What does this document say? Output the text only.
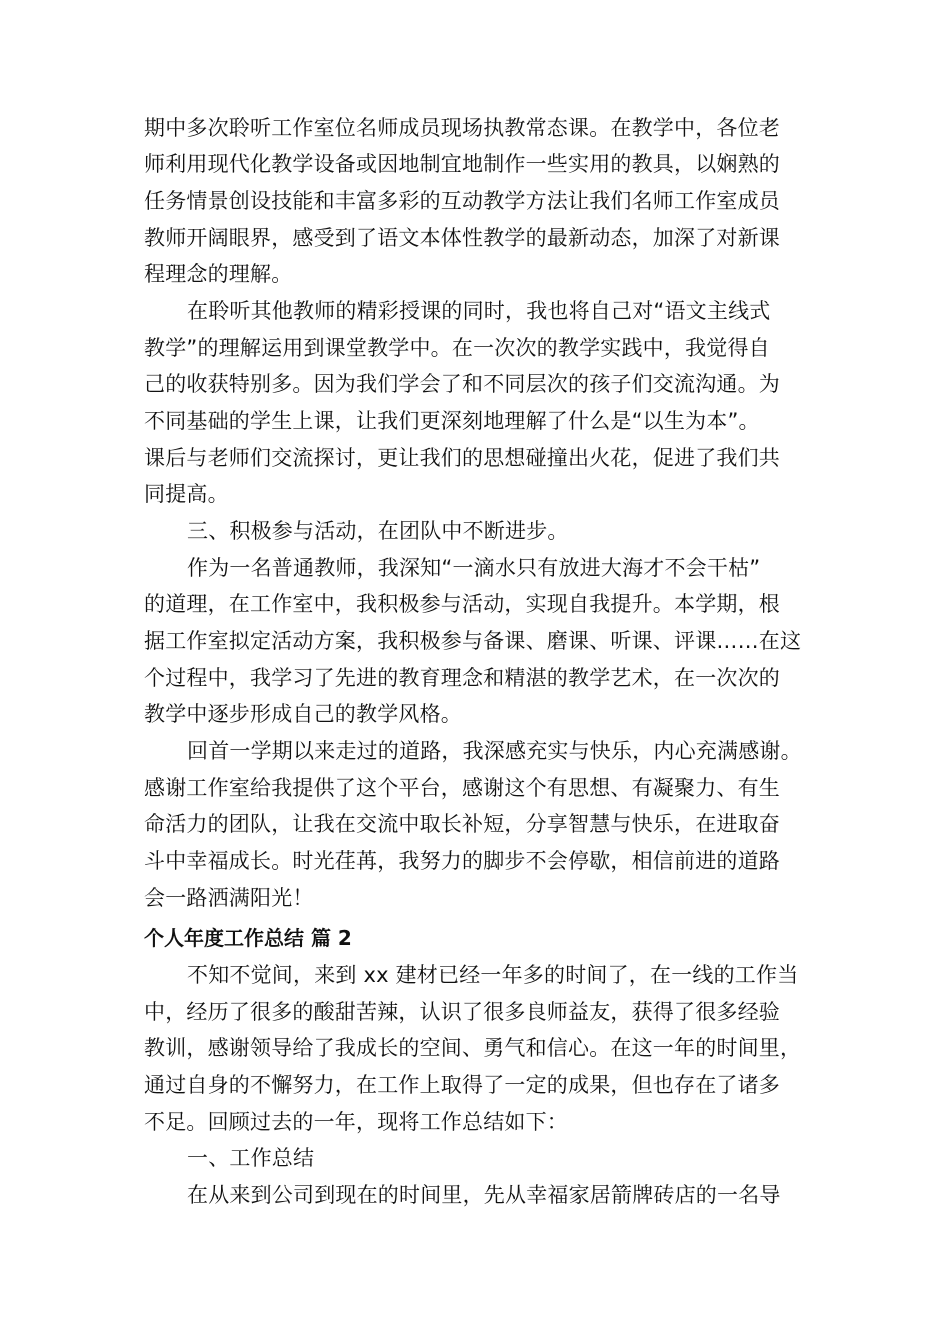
期中多次聆听工作室位名师成员现场执教常态课。在教学中，各位老
师利用现代化教学设备或因地制宜地制作一些实用的教具，以娴熟的
任务情景创设技能和丰富多彩的互动教学方法让我们名师工作室成员
教师开阔眼界，感受到了语文本体性教学的最新动态，加深了对新课
程理念的理解。
在聆听其他教师的精彩授课的同时，我也将自己对“语文主线式
教学”的理解运用到课堂教学中。在一次次的教学实践中，我觉得自
己的收获特别多。因为我们学会了和不同层次的孩子们交流沟通。为
不同基础的学生上课，让我们更深刻地理解了什么是“以生为本”。
课后与老师们交流探讨，更让我们的思想碰撞出火花，促进了我们共
同提高。
三、积极参与活动，在团队中不断进步。
作为一名普通教师，我深知“一滴水只有放进大海才不会干枯”
的道理，在工作室中，我积极参与活动，实现自我提升。本学期，根
据工作室拟定活动方案，我积极参与备课、磨课、听课、评课……在这
个过程中，我学习了先进的教育理念和精湛的教学艺术，在一次次的
教学中逐步形成自己的教学风格。
回首一学期以来走过的道路，我深感充实与快乐，内心充满感谢。
感谢工作室给我提供了这个平台，感谢这个有思想、有凝聚力、有生
命活力的团队，让我在交流中取长补短，分享智慧与快乐，在进取奋
斗中幸福成长。时光荏苒，我努力的脚步不会停歇，相信前进的道路
会一路洒满阳光！
个人年度工作总结 篇 2
不知不觉间，来到 xx 建材已经一年多的时间了，在一线的工作当
中，经历了很多的酸甜苦辣，认识了很多良师益友，获得了很多经验
教训，感谢领导给了我成长的空间、勇气和信心。在这一年的时间里，
通过自身的不懈努力，在工作上取得了一定的成果，但也存在了诸多
不足。回顾过去的一年，现将工作总结如下：
一、工作总结
在从来到公司到现在的时间里，先从幸福家居箭牌砖店的一名导
